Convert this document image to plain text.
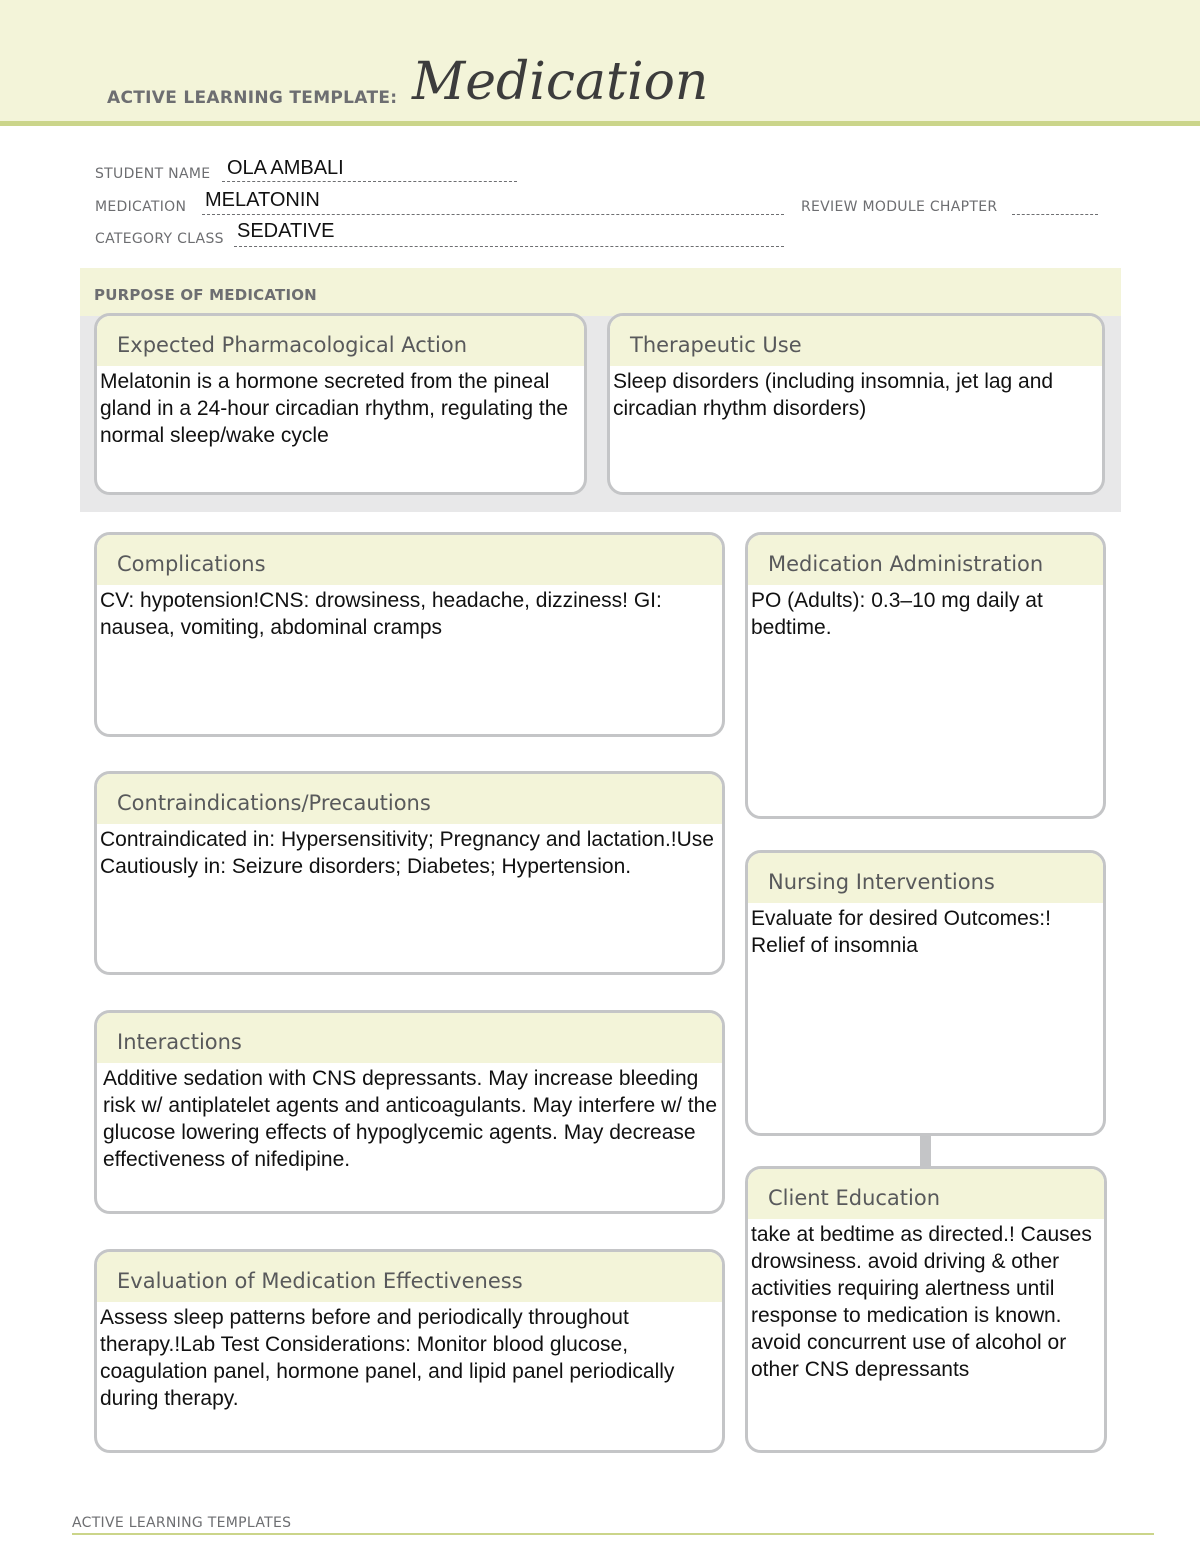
ACTIVE LEARNING TEMPLATE: Medication
STUDENT NAME OLA AMBALI
MEDICATION MELATONIN	REVIEW MODULE CHAPTER
CATEGORY CLASS SEDATIVE
PURPOSE OF MEDICATION
Expected Pharmacological Action
Melatonin is a hormone secreted from the pineal gland in a 24-hour circadian rhythm, regulating the normal sleep/wake cycle
Therapeutic Use
Sleep disorders (including insomnia, jet lag and circadian rhythm disorders)
Complications
CV: hypotension!CNS: drowsiness, headache, dizziness! GI: nausea, vomiting, abdominal cramps
Contraindications/Precautions
Contraindicated in: Hypersensitivity; Pregnancy and lactation.!Use Cautiously in: Seizure disorders; Diabetes; Hypertension.
Interactions
Additive sedation with CNS depressants. May increase bleeding risk w/ antiplatelet agents and anticoagulants. May interfere w/ the glucose lowering effects of hypoglycemic agents. May decrease effectiveness of nifedipine.
Evaluation of Medication Effectiveness
Assess sleep patterns before and periodically throughout therapy.!Lab Test Considerations: Monitor blood glucose, coagulation panel, hormone panel, and lipid panel periodically during therapy.
Medication Administration
PO (Adults): 0.3–10 mg daily at bedtime.
Nursing Interventions
Evaluate for desired Outcomes:! Relief of insomnia
Client Education
take at bedtime as directed.! Causes drowsiness. avoid driving & other activities requiring alertness until response to medication is known. avoid concurrent use of alcohol or other CNS depressants
ACTIVE LEARNING TEMPLATES
